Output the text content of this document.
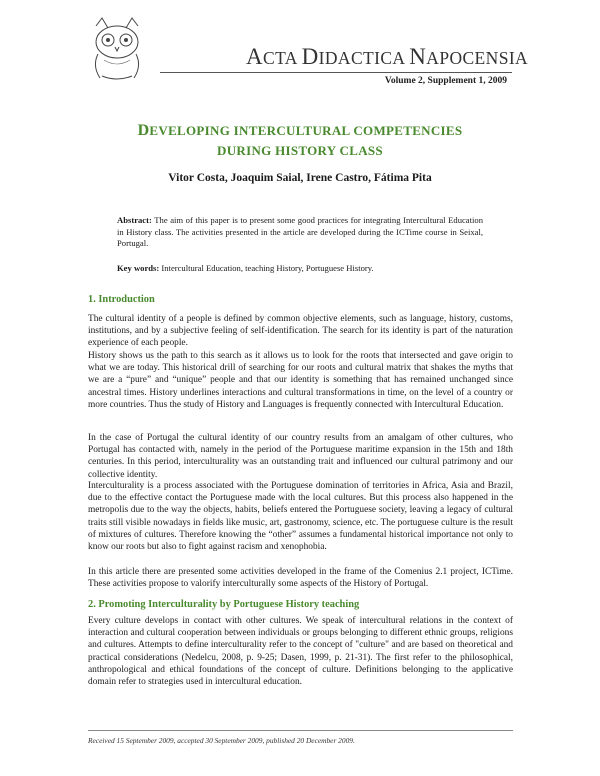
ACTA DIDACTICA NAPOCENSIA
Volume 2, Supplement 1, 2009
DEVELOPING INTERCULTURAL COMPETENCIES
DURING HISTORY CLASS
Vitor Costa, Joaquim Saial, Irene Castro, Fátima Pita
Abstract: The aim of this paper is to present some good practices for integrating Intercultural Education in History class. The activities presented in the article are developed during the ICTime course in Seixal, Portugal.
Key words: Intercultural Education, teaching History, Portuguese History.
1. Introduction

The cultural identity of a people is defined by common objective elements, such as language, history, customs, institutions, and by a subjective feeling of self-identification. The search for its identity is part of the naturation experience of each people.

History shows us the path to this search as it allows us to look for the roots that intersected and gave origin to what we are today. This historical drill of searching for our roots and cultural matrix that shakes the myths that we are a “pure” and “unique” people and that our identity is something that has remained unchanged since ancestral times. History underlines interactions and cultural transformations in time, on the level of a country or more countries. Thus the study of History and Languages is frequently connected with Intercultural Education.

In the case of Portugal the cultural identity of our country results from an amalgam of other cultures, who Portugal has contacted with, namely in the period of the Portuguese maritime expansion in the 15th and 18th centuries. In this period, interculturality was an outstanding trait and influenced our cultural patrimony and our collective identity.

Interculturality is a process associated with the Portuguese domination of territories in Africa, Asia and Brazil, due to the effective contact the Portuguese made with the local cultures. But this process also happened in the metropolis due to the way the objects, habits, beliefs entered the Portuguese society, leaving a legacy of cultural traits still visible nowadays in fields like music, art, gastronomy, science, etc. The portuguese culture is the result of mixtures of cultures. Therefore knowing the “other” assumes a fundamental historical importance not only to know our roots but also to fight against racism and xenophobia.

In this article there are presented some activities developed in the frame of the Comenius 2.1 project, ICTime. These activities propose to valorify interculturally some aspects of the History of Portugal.

2. Promoting Interculturality by Portuguese History teaching

Every culture develops in contact with other cultures. We speak of intercultural relations in the context of interaction and cultural cooperation between individuals or groups belonging to different ethnic groups, religions and cultures. Attempts to define interculturality refer to the concept of "culture" and are based on theoretical and practical considerations (Nedelcu, 2008, p. 9-25; Dasen, 1999, p. 21-31). The first refer to the philosophical, anthropological and ethical foundations of the concept of culture. Definitions belonging to the applicative domain refer to strategies used in intercultural education.

Received 15 September 2009, accepted 30 September 2009, published 20 December 2009.
